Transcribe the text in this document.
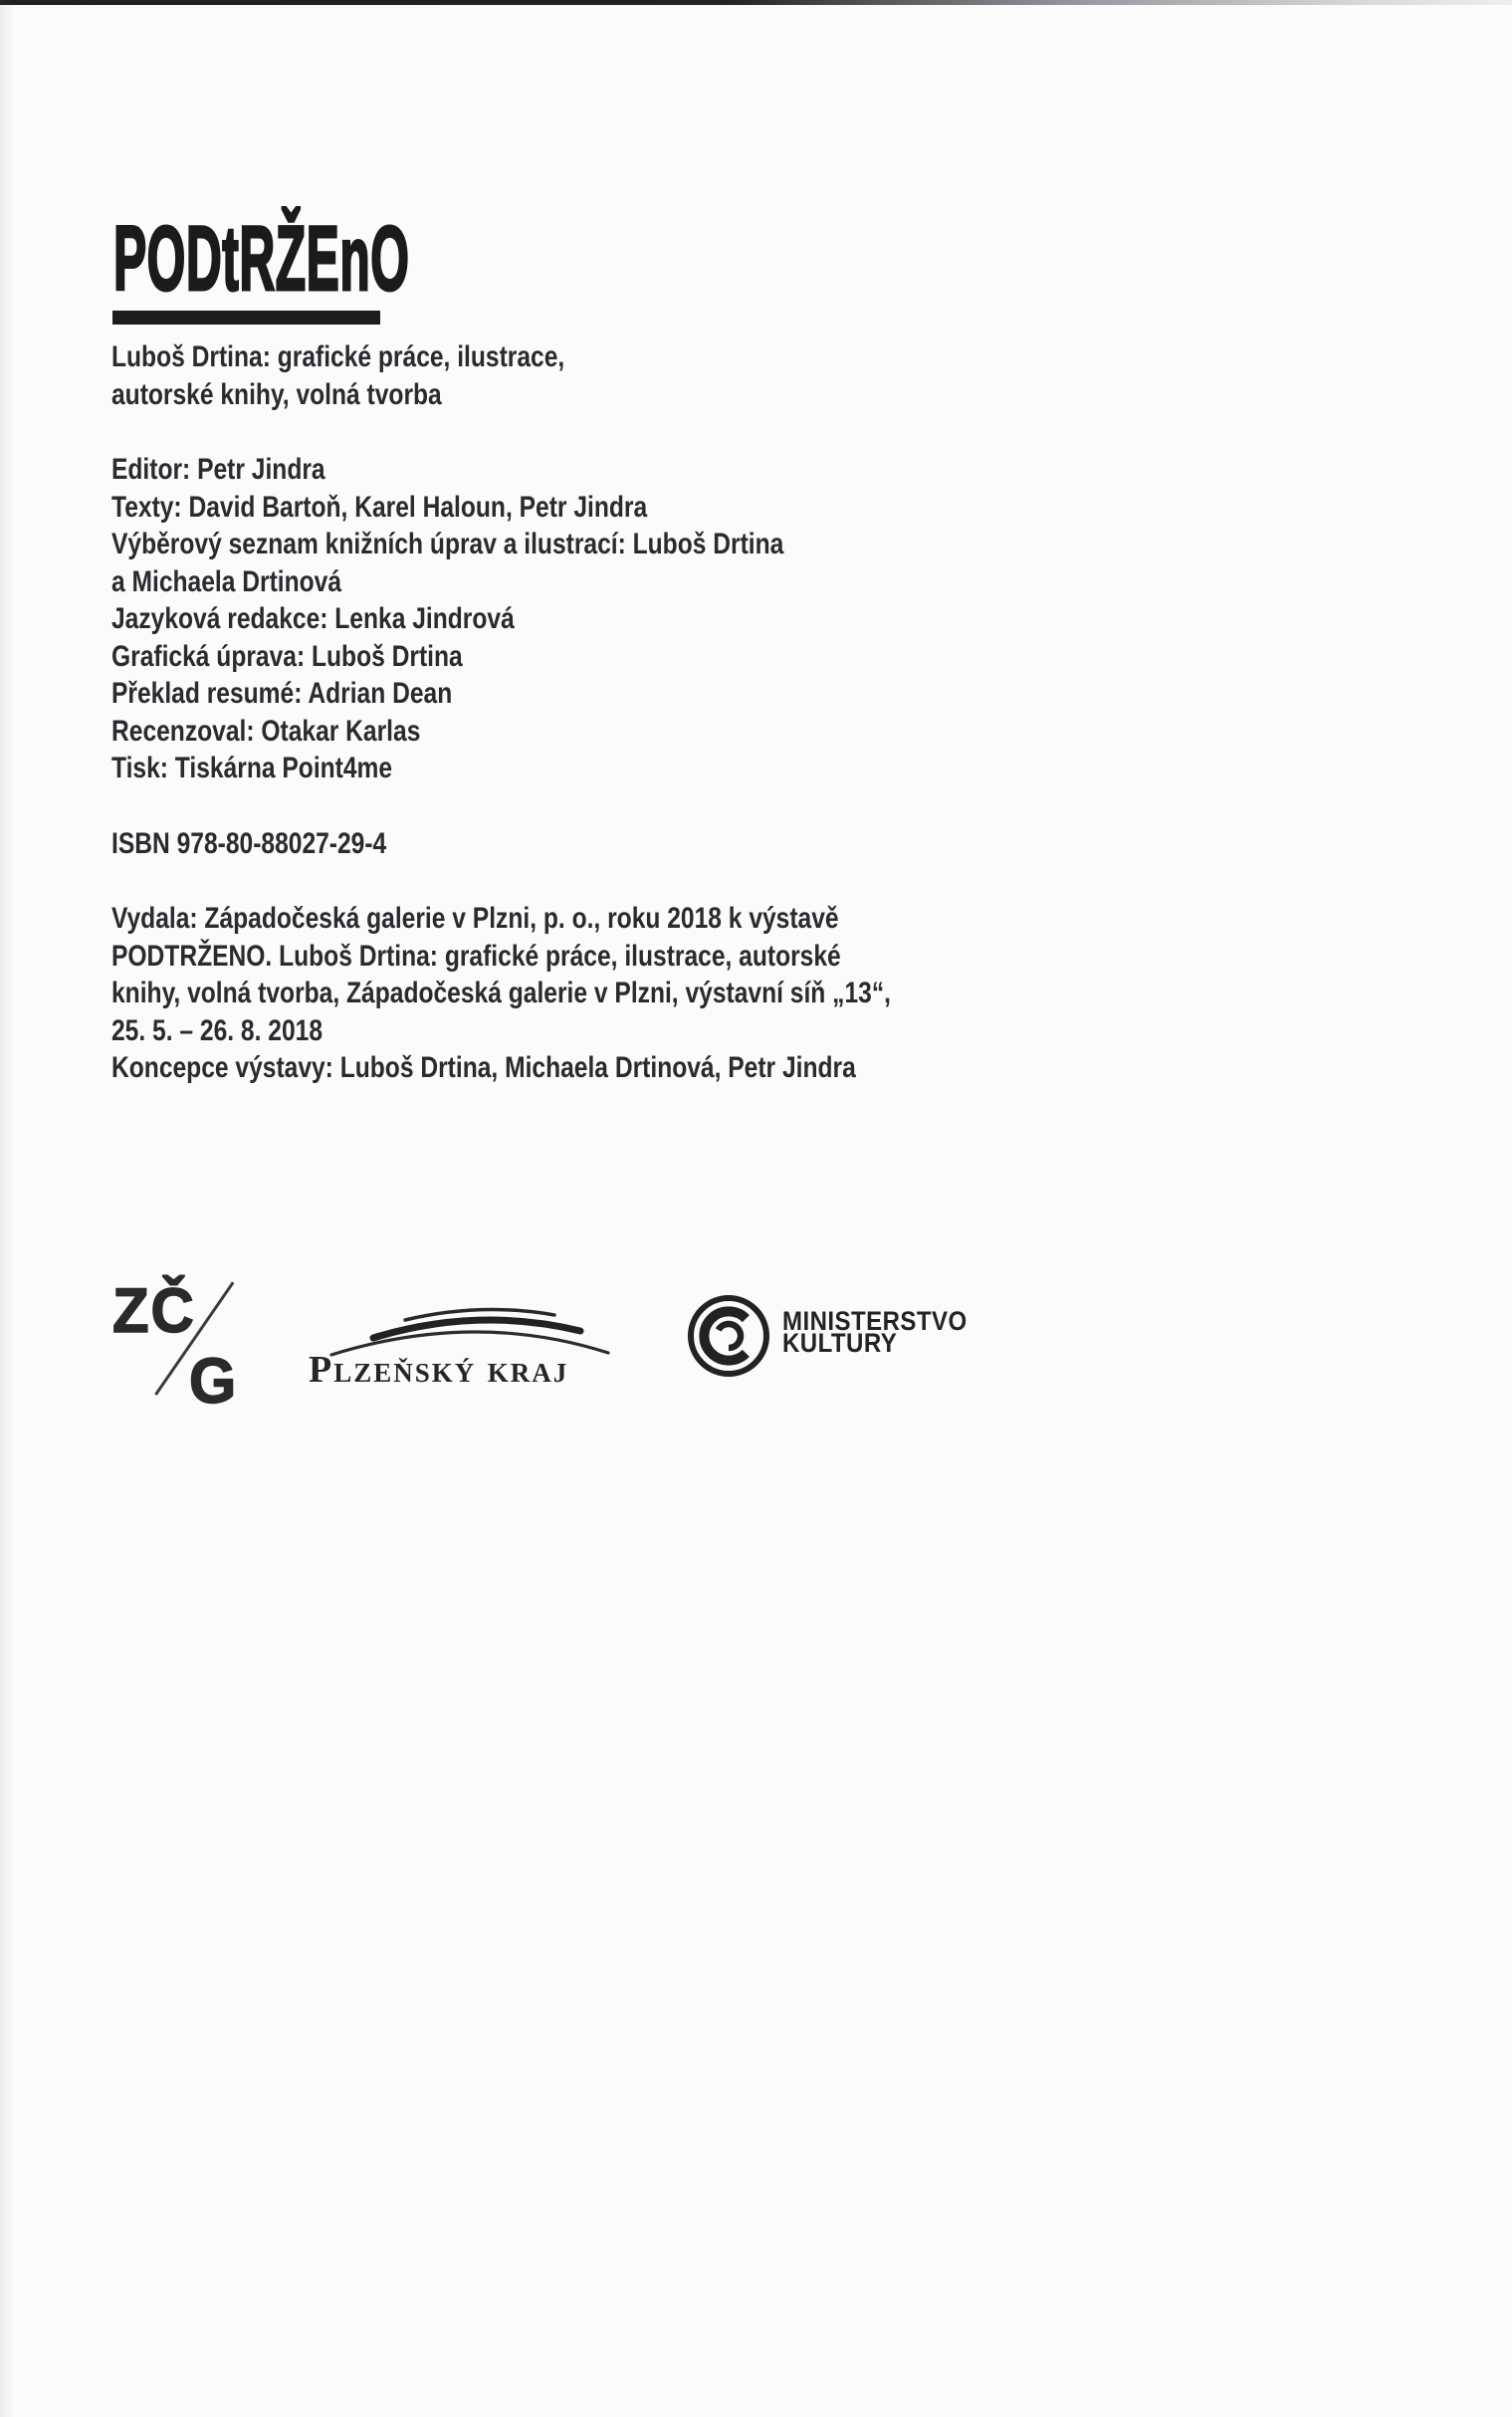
PODtRŽEnO
Luboš Drtina: grafické práce, ilustrace,
autorské knihy, volná tvorba
Editor: Petr Jindra
Texty: David Bartoň, Karel Haloun, Petr Jindra
Výběrový seznam knižních úprav a ilustrací: Luboš Drtina
a Michaela Drtinová
Jazyková redakce: Lenka Jindrová
Grafická úprava: Luboš Drtina
Překlad resumé: Adrian Dean
Recenzoval: Otakar Karlas
Tisk: Tiskárna Point4me
ISBN 978-80-88027-29-4
Vydala: Západočeská galerie v Plzni, p. o., roku 2018 k výstavě
PODTRŽENO. Luboš Drtina: grafické práce, ilustrace, autorské
knihy, volná tvorba, Západočeská galerie v Plzni, výstavní síň „13“,
25. 5. – 26. 8. 2018
Koncepce výstavy: Luboš Drtina, Michaela Drtinová, Petr Jindra
ZČ
G Plzeňský kraj
MINISTERSTVO
KULTURY
